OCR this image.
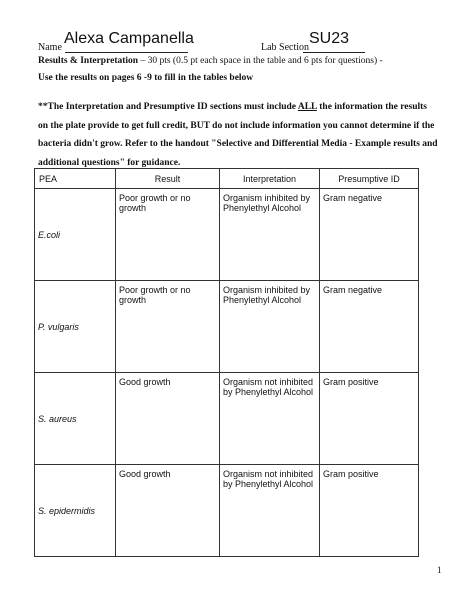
Name
Alexa Campanella
Lab Section
SU23
Results & Interpretation – 30 pts (0.5 pt each space in the table and 6 pts for questions) -
Use the results on pages 6 -9 to fill in the tables below
**The Interpretation and Presumptive ID sections must include ALL the information the results on the plate provide to get full credit, BUT do not include information you cannot determine if the bacteria didn't grow. Refer to the handout "Selective and Differential Media - Example results and additional questions" for guidance.
PEA	Result	Interpretation	Presumptive ID
E.coli	Poor growth or no growth	Organism inhibited by Phenylethyl Alcohol	Gram negative
P. vulgaris	Poor growth or no growth	Organism inhibited by Phenylethyl Alcohol	Gram negative
S. aureus	Good growth	Organism not inhibited by Phenylethyl Alcohol	Gram positive
S. epidermidis	Good growth	Organism not inhibited by Phenylethyl Alcohol	Gram positive
1
